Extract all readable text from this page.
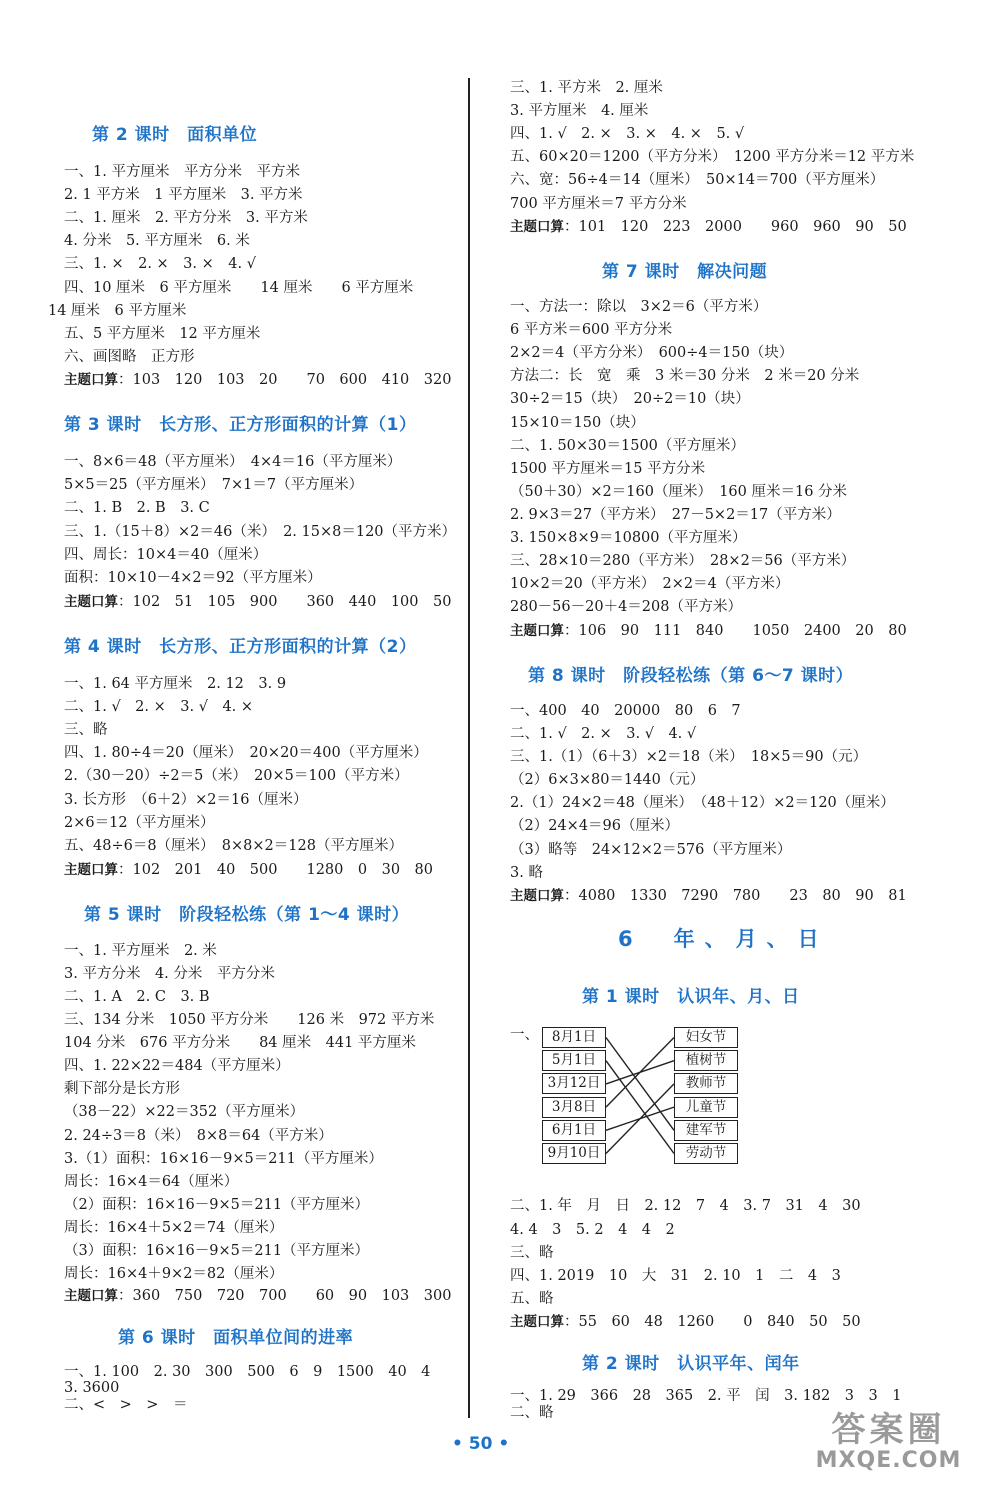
第 2 课时　面积单位
一、1. 平方厘米　平方分米　平方米
2. 1 平方米　1 平方厘米　3. 平方米
二、1. 厘米　2. 平方分米　3. 平方米
4. 分米　5. 平方厘米　6. 米
三、1. ×　2. ×　3. ×　4. √
四、10 厘米　6 平方厘米　　14 厘米　　6 平方厘米
14 厘米　6 平方厘米
五、5 平方厘米　12 平方厘米
六、画图略　正方形
主题口算：103　120　103　20　　70　600　410　320
第 3 课时　长方形、正方形面积的计算（1）
一、8×6＝48（平方厘米）　4×4＝16（平方厘米）
5×5＝25（平方厘米）　7×1＝7（平方厘米）
二、1. B　2. B　3. C
三、1.（15＋8）×2＝46（米）　2. 15×8＝120（平方米）
四、周长：10×4＝40（厘米）
面积：10×10－4×2＝92（平方厘米）
主题口算：102　51　105　900　　360　440　100　50
第 4 课时　长方形、正方形面积的计算（2）
一、1. 64 平方厘米　2. 12　3. 9
二、1. √　2. ×　3. √　4. ×
三、略
四、1. 80÷4＝20（厘米）　20×20＝400（平方厘米）
2.（30－20）÷2＝5（米）　20×5＝100（平方米）
3. 长方形　（6＋2）×2＝16（厘米）
2×6＝12（平方厘米）
五、48÷6＝8（厘米）　8×8×2＝128（平方厘米）
主题口算：102　201　40　500　　1280　0　30　80
第 5 课时　阶段轻松练（第 1～4 课时）
一、1. 平方厘米　2. 米
3. 平方分米　4. 分米　平方分米
二、1. A　2. C　3. B
三、134 分米　1050 平方分米　　126 米　972 平方米
104 分米　676 平方分米　　84 厘米　441 平方厘米
四、1. 22×22＝484（平方厘米）
剩下部分是长方形
（38－22）×22＝352（平方厘米）
2. 24÷3＝8（米）　8×8＝64（平方米）
3.（1）面积：16×16－9×5＝211（平方厘米）
周长：16×4＝64（厘米）
（2）面积：16×16－9×5＝211（平方厘米）
周长：16×4＋5×2＝74（厘米）
（3）面积：16×16－9×5＝211（平方厘米）
周长：16×4＋9×2＝82（厘米）
主题口算：360　750　720　700　　60　90　103　300
第 6 课时　面积单位间的进率
一、1. 100　2. 30　300　500　6　9　1500　40　4
3. 3600
二、<　>　>　＝
三、1. 平方米　2. 厘米
3. 平方厘米　4. 厘米
四、1. √　2. ×　3. ×　4. ×　5. √
五、60×20＝1200（平方分米）　1200 平方分米＝12 平方米
六、宽：56÷4＝14（厘米）　50×14＝700（平方厘米）
700 平方厘米＝7 平方分米
主题口算：101　120　223　2000　　960　960　90　50
第 7 课时　解决问题
一、方法一：除以　3×2＝6（平方米）
6 平方米＝600 平方分米
2×2＝4（平方分米）　600÷4＝150（块）
方法二：长　宽　乘　3 米＝30 分米　2 米＝20 分米
30÷2＝15（块）　20÷2＝10（块）
15×10＝150（块）
二、1. 50×30＝1500（平方厘米）
1500 平方厘米＝15 平方分米
（50＋30）×2＝160（厘米）　160 厘米＝16 分米
2. 9×3＝27（平方米）　27－5×2＝17（平方米）
3. 150×8×9＝10800（平方厘米）
三、28×10＝280（平方米）　28×2＝56（平方米）
10×2＝20（平方米）　2×2＝4（平方米）
280－56－20＋4＝208（平方米）
主题口算：106　90　111　840　　1050　2400　20　80
第 8 课时　阶段轻松练（第 6～7 课时）
一、400　40　20000　80　6　7
二、1. √　2. ×　3. √　4. √
三、1.（1）（6＋3）×2＝18（米）　18×5＝90（元）
（2）6×3×80＝1440（元）
2.（1）24×2＝48（厘米）　（48＋12）×2＝120（厘米）
（2）24×4＝96（厘米）
（3）略等　24×12×2＝576（平方厘米）
3. 略
主题口算：4080　1330　7290　780　　23　80　90　81
6　年、月、日
第 1 课时　认识年、月、日
二、1. 年　月　日　2. 12　7　4　3. 7　31　4　30
4. 4　3　5. 2　4　4　2
三、略
四、1. 2019　10　大　31　2. 10　1　二　4　3
五、略
主题口算：55　60　48　1260　　0　840　50　50
第 2 课时　认识平年、闰年
一、1. 29　366　28　365　2. 平　闰　3. 182　3　3　1
二、略
一、 8月1日
5月1日
3月12日
3月8日
6月1日
9月10日
妇女节
植树节
教师节
儿童节
建军节
劳动节
• 50 •	答案圈
MXQE.COM
